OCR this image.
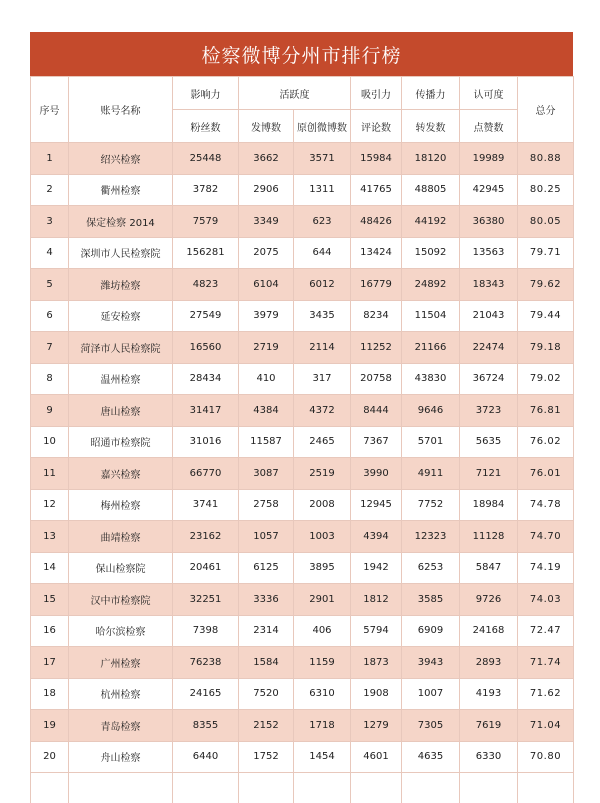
检察微博分州市排行榜
序号	账号名称	影响力	活跃度		吸引力	传播力	认可度	总分
		粉丝数	发博数	原创微博数	评论数	转发数	点赞数	
1	绍兴检察	25448	3662	3571	15984	18120	19989	80.88
2	衢州检察	3782	2906	1311	41765	48805	42945	80.25
3	保定检察 2014	7579	3349	623	48426	44192	36380	80.05
4	深圳市人民检察院	156281	2075	644	13424	15092	13563	79.71
5	潍坊检察	4823	6104	6012	16779	24892	18343	79.62
6	延安检察	27549	3979	3435	8234	11504	21043	79.44
7	菏泽市人民检察院	16560	2719	2114	11252	21166	22474	79.18
8	温州检察	28434	410	317	20758	43830	36724	79.02
9	唐山检察	31417	4384	4372	8444	9646	3723	76.81
10	昭通市检察院	31016	11587	2465	7367	5701	5635	76.02
11	嘉兴检察	66770	3087	2519	3990	4911	7121	76.01
12	梅州检察	3741	2758	2008	12945	7752	18984	74.78
13	曲靖检察	23162	1057	1003	4394	12323	11128	74.70
14	保山检察院	20461	6125	3895	1942	6253	5847	74.19
15	汉中市检察院	32251	3336	2901	1812	3585	9726	74.03
16	哈尔滨检察	7398	2314	406	5794	6909	24168	72.47
17	广州检察	76238	1584	1159	1873	3943	2893	71.74
18	杭州检察	24165	7520	6310	1908	1007	4193	71.62
19	青岛检察	8355	2152	1718	1279	7305	7619	71.04
20	舟山检察	6440	1752	1454	4601	4635	6330	70.80
